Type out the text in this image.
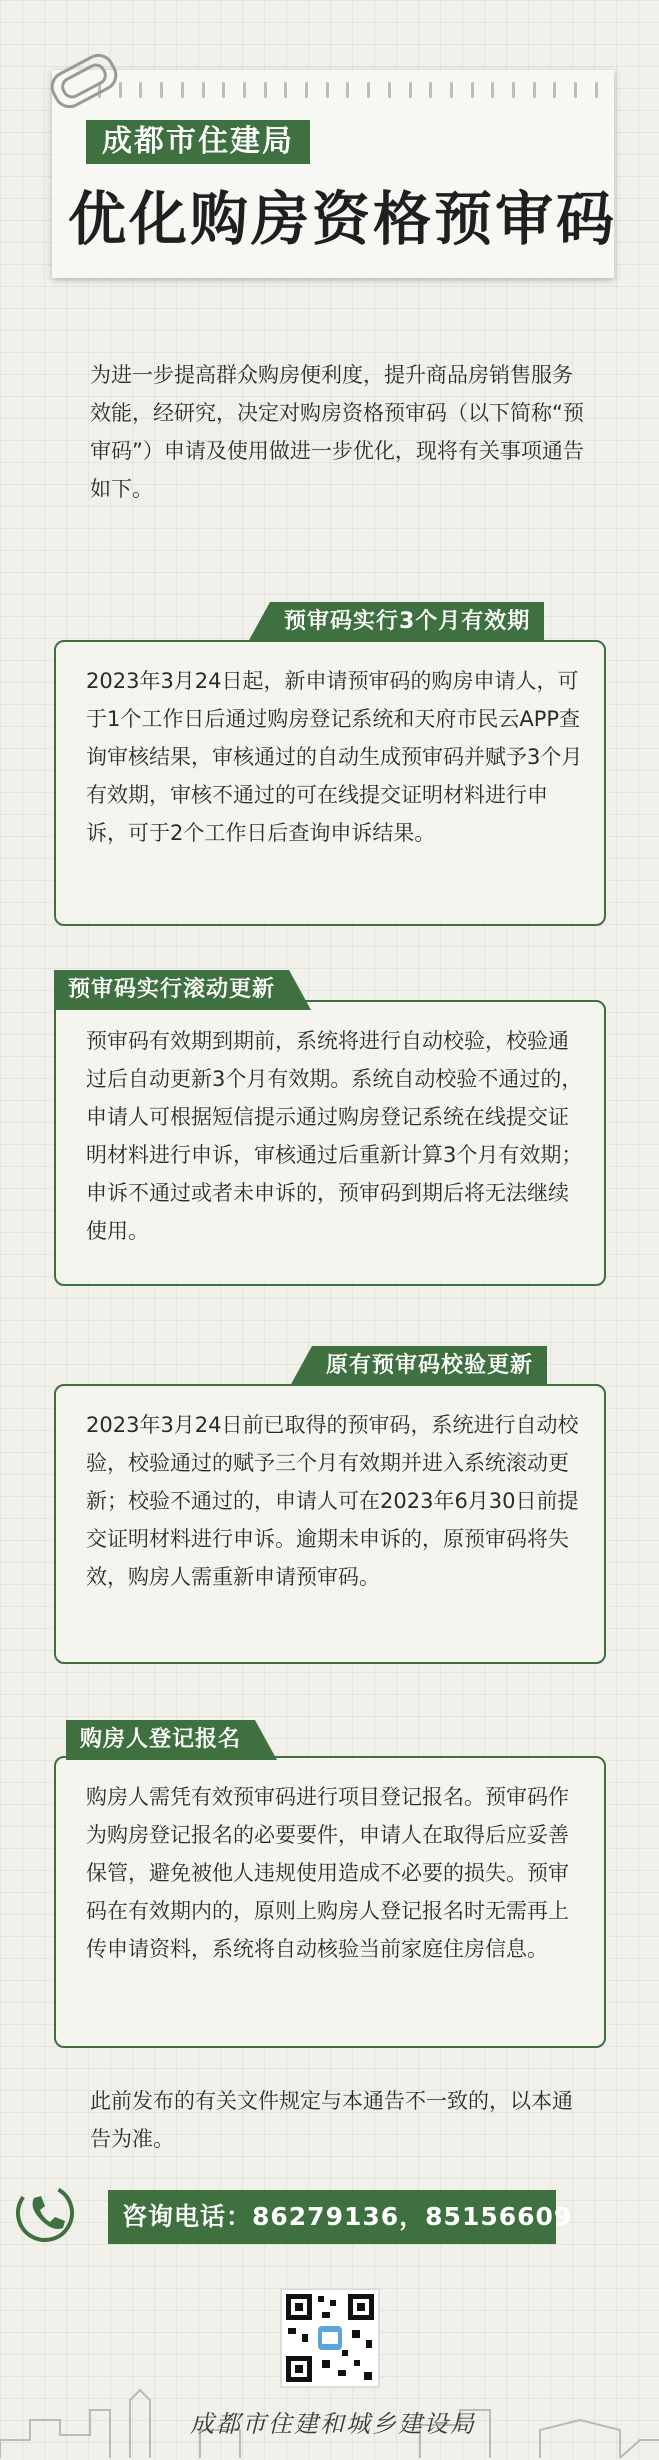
成都市住建局
优化购房资格预审码
为进一步提高群众购房便利度，提升商品房销售服务效能，经研究，决定对购房资格预审码（以下简称“预审码”）申请及使用做进一步优化，现将有关事项通告如下。
2023年3月24日起，新申请预审码的购房申请人，可于1个工作日后通过购房登记系统和天府市民云APP查询审核结果，审核通过的自动生成预审码并赋予3个月有效期，审核不通过的可在线提交证明材料进行申诉，可于2个工作日后查询申诉结果。
预审码实行3个月有效期
预审码有效期到期前，系统将进行自动校验，校验通过后自动更新3个月有效期。系统自动校验不通过的，申请人可根据短信提示通过购房登记系统在线提交证明材料进行申诉，审核通过后重新计算3个月有效期；申诉不通过或者未申诉的，预审码到期后将无法继续使用。
预审码实行滚动更新
2023年3月24日前已取得的预审码，系统进行自动校验，校验通过的赋予三个月有效期并进入系统滚动更新；校验不通过的，申请人可在2023年6月30日前提交证明材料进行申诉。逾期未申诉的，原预审码将失效，购房人需重新申请预审码。
原有预审码校验更新
购房人需凭有效预审码进行项目登记报名。预审码作为购房登记报名的必要要件，申请人在取得后应妥善保管，避免被他人违规使用造成不必要的损失。预审码在有效期内的，原则上购房人登记报名时无需再上传申请资料，系统将自动核验当前家庭住房信息。
购房人登记报名
此前发布的有关文件规定与本通告不一致的，以本通告为准。
咨询电话：86279136，85156609
成都市住建和城乡建设局
